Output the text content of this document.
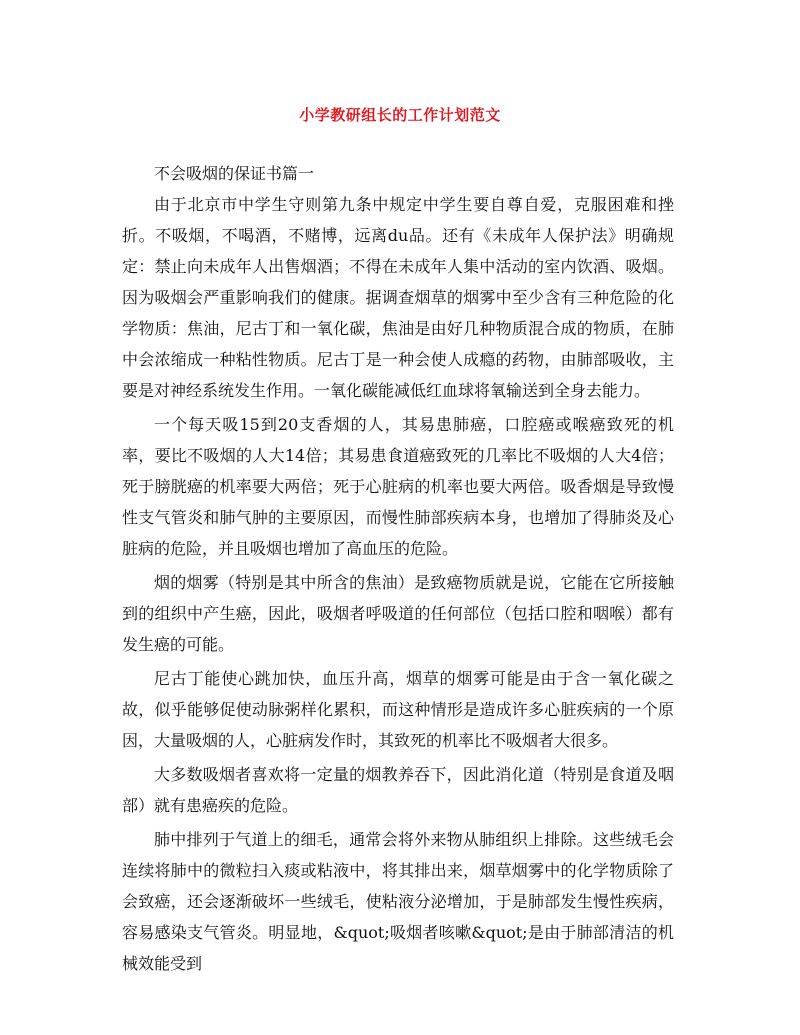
小学教研组长的工作计划范文

不会吸烟的保证书篇一

由于北京市中学生守则第九条中规定中学生要自尊自爱，克服困难和挫折。不吸烟，不喝酒，不赌博，远离du品。还有《未成年人保护法》明确规定：禁止向未成年人出售烟酒；不得在未成年人集中活动的室内饮酒、吸烟。因为吸烟会严重影响我们的健康。据调查烟草的烟雾中至少含有三种危险的化学物质：焦油，尼古丁和一氧化碳，焦油是由好几种物质混合成的物质，在肺中会浓缩成一种粘性物质。尼古丁是一种会使人成瘾的药物，由肺部吸收，主要是对神经系统发生作用。一氧化碳能减低红血球将氧输送到全身去能力。

一个每天吸15到20支香烟的人，其易患肺癌，口腔癌或喉癌致死的机率，要比不吸烟的人大14倍；其易患食道癌致死的几率比不吸烟的人大4倍；死于膀胱癌的机率要大两倍；死于心脏病的机率也要大两倍。吸香烟是导致慢性支气管炎和肺气肿的主要原因，而慢性肺部疾病本身，也增加了得肺炎及心脏病的危险，并且吸烟也增加了高血压的危险。

烟的烟雾（特别是其中所含的焦油）是致癌物质就是说，它能在它所接触到的组织中产生癌，因此，吸烟者呼吸道的任何部位（包括口腔和咽喉）都有发生癌的可能。

尼古丁能使心跳加快，血压升高，烟草的烟雾可能是由于含一氧化碳之故，似乎能够促使动脉粥样化累积，而这种情形是造成许多心脏疾病的一个原因，大量吸烟的人，心脏病发作时，其致死的机率比不吸烟者大很多。

大多数吸烟者喜欢将一定量的烟教养吞下，因此消化道（特别是食道及咽部）就有患癌疾的危险。

肺中排列于气道上的细毛，通常会将外来物从肺组织上排除。这些绒毛会连续将肺中的微粒扫入痰或粘液中，将其排出来，烟草烟雾中的化学物质除了会致癌，还会逐渐破坏一些绒毛，使粘液分泌增加，于是肺部发生慢性疾病，容易感染支气管炎。明显地，&quot;吸烟者咳嗽&quot;是由于肺部清洁的机械效能受到
